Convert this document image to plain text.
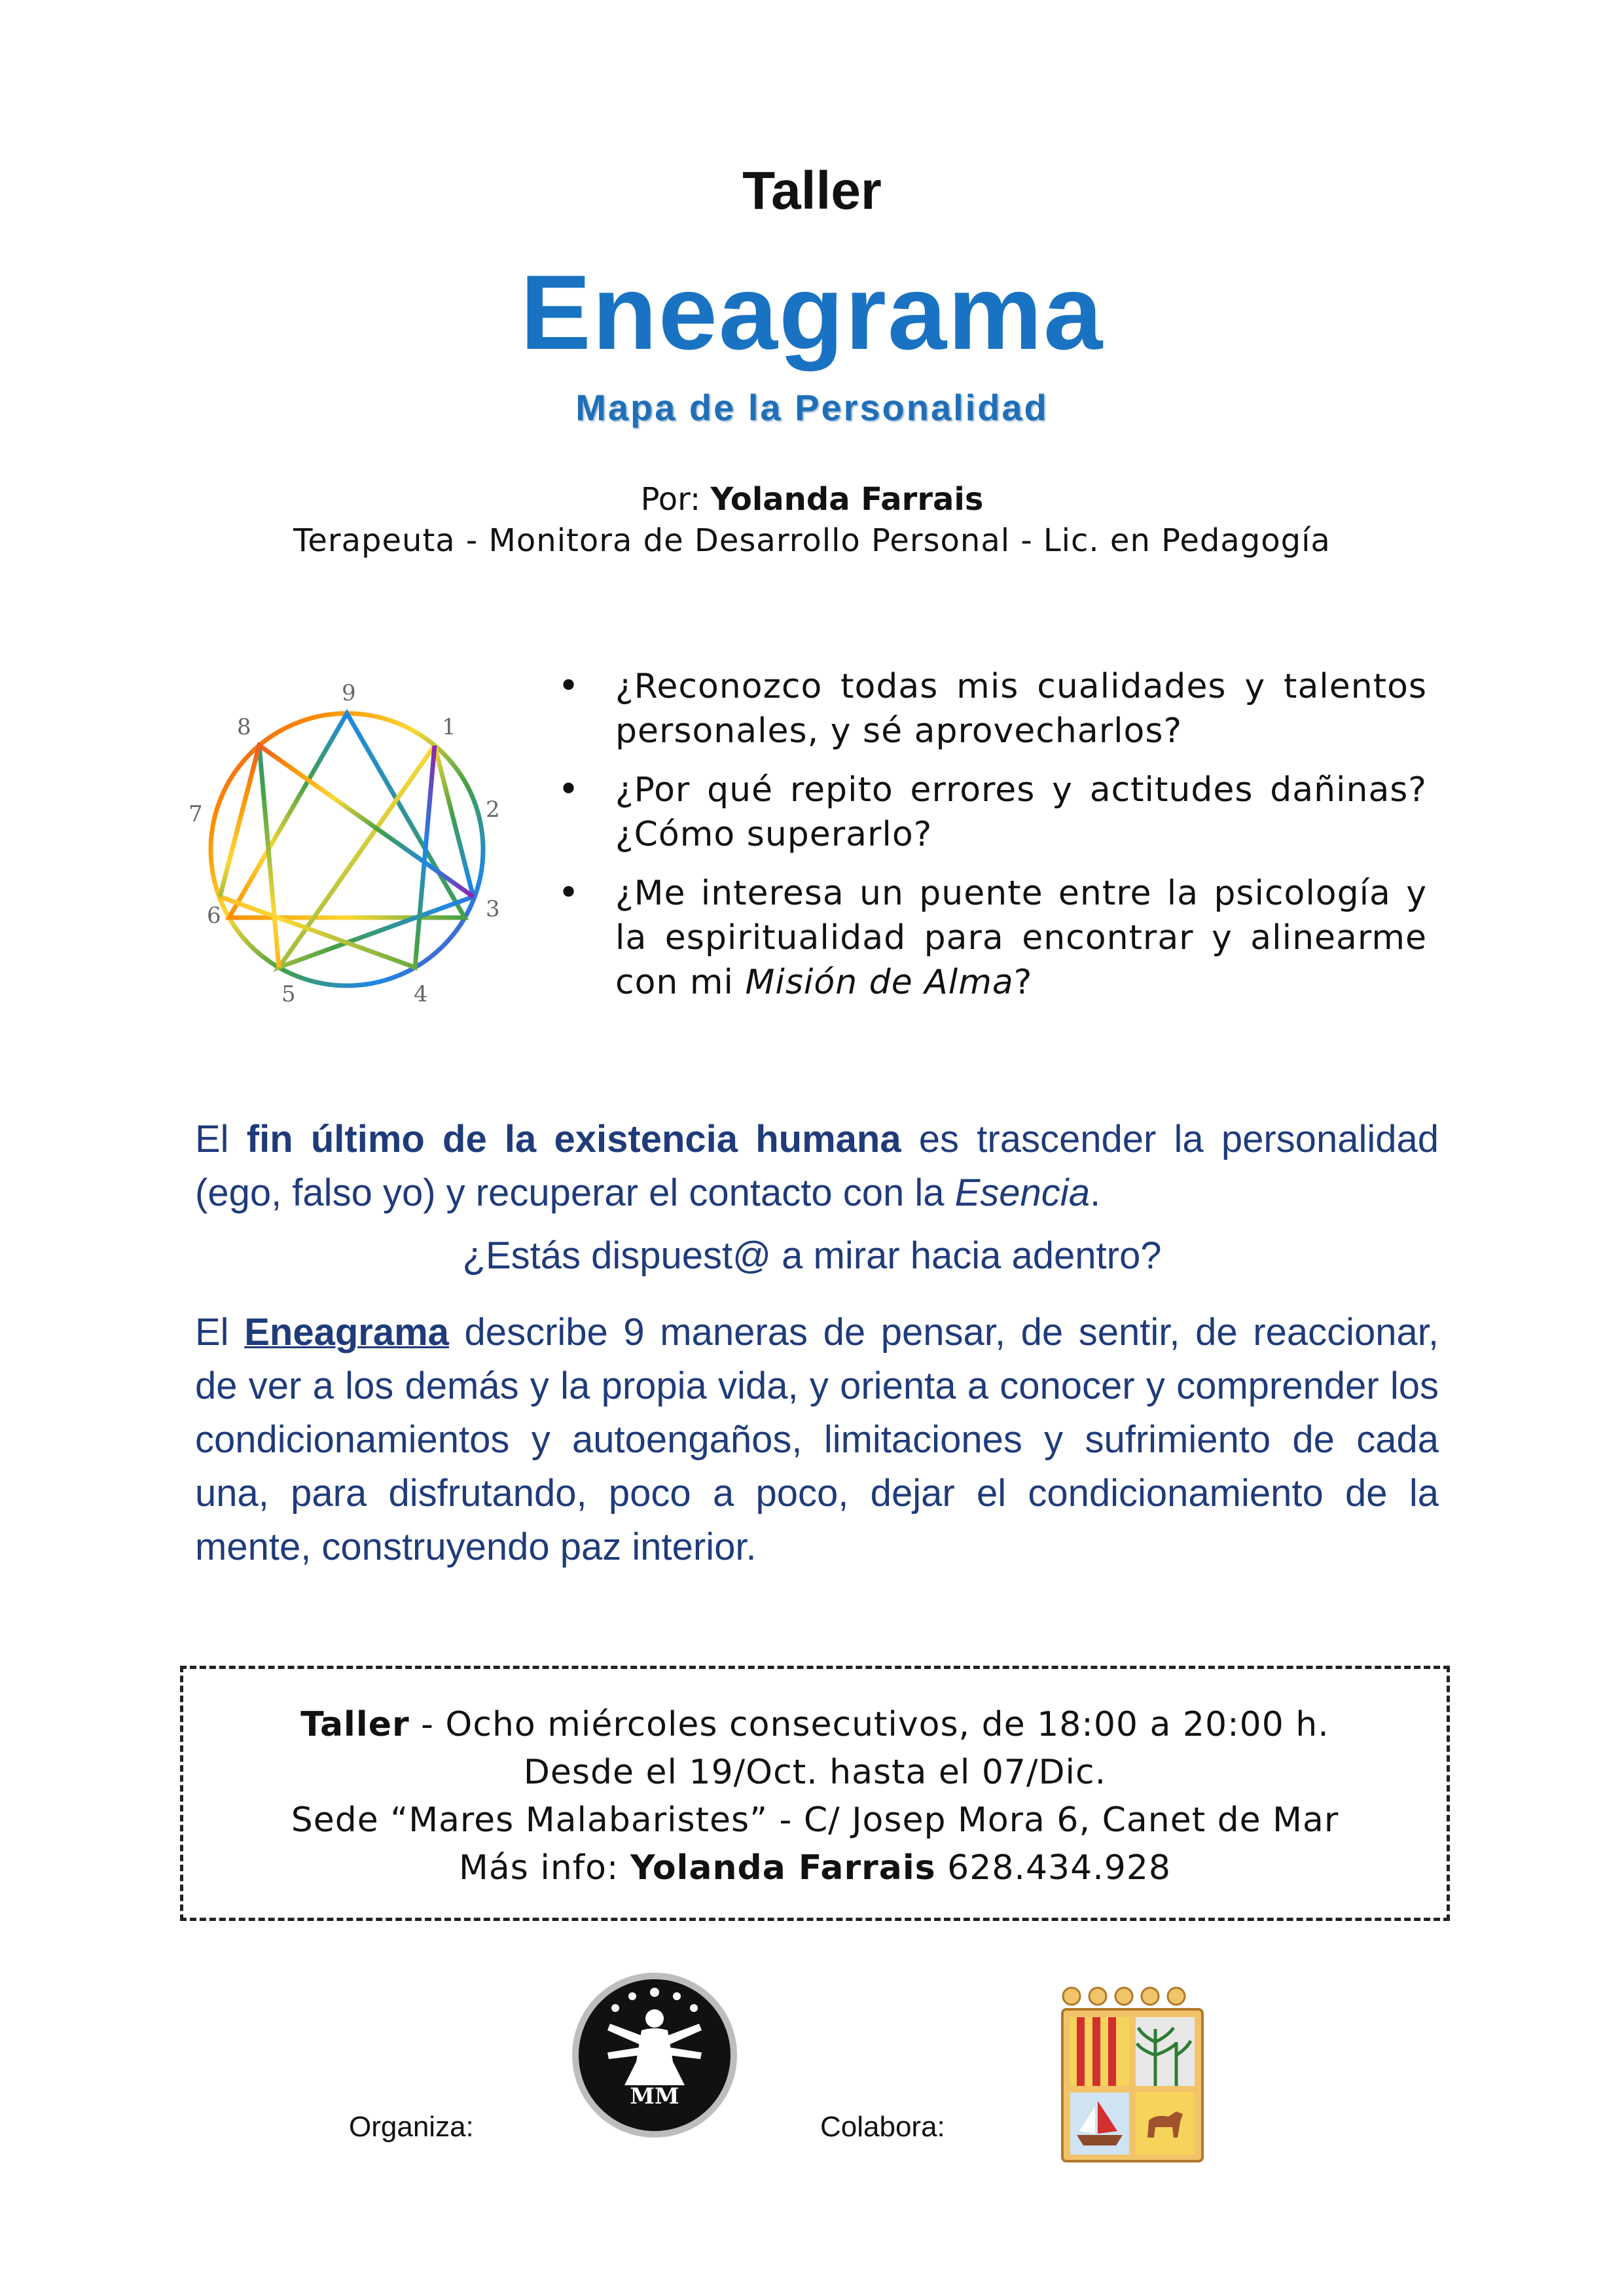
Taller
Eneagrama
Mapa de la Personalidad
Por: Yolanda Farrais
Terapeuta - Monitora de Desarrollo Personal - Lic. en Pedagogía
9
1
2
3
4
5
6
7
8
• ¿Reconozco todas mis cualidades y talentos personales, y sé aprovecharlos?
• ¿Por qué repito errores y actitudes dañinas? ¿Cómo superarlo?
• ¿Me interesa un puente entre la psicología y la espiritualidad para encontrar y alinearme con mi Misión de Alma?
El fin último de la existencia humana es trascender la personalidad (ego, falso yo) y recuperar el contacto con la Esencia.
¿Estás dispuest@ a mirar hacia adentro?
El Eneagrama describe 9 maneras de pensar, de sentir, de reaccionar, de ver a los demás y la propia vida, y orienta a conocer y comprender los condicionamientos y autoengaños, limitaciones y sufrimiento de cada una, para disfrutando, poco a poco, dejar el condicionamiento de la mente, construyendo paz interior.
Taller - Ocho miércoles consecutivos, de 18:00 a 20:00 h.
Desde el 19/Oct. hasta el 07/Dic.
Sede “Mares Malabaristes” - C/ Josep Mora 6, Canet de Mar
Más info: Yolanda Farrais 628.434.928
Organiza:
MM
Colabora:
